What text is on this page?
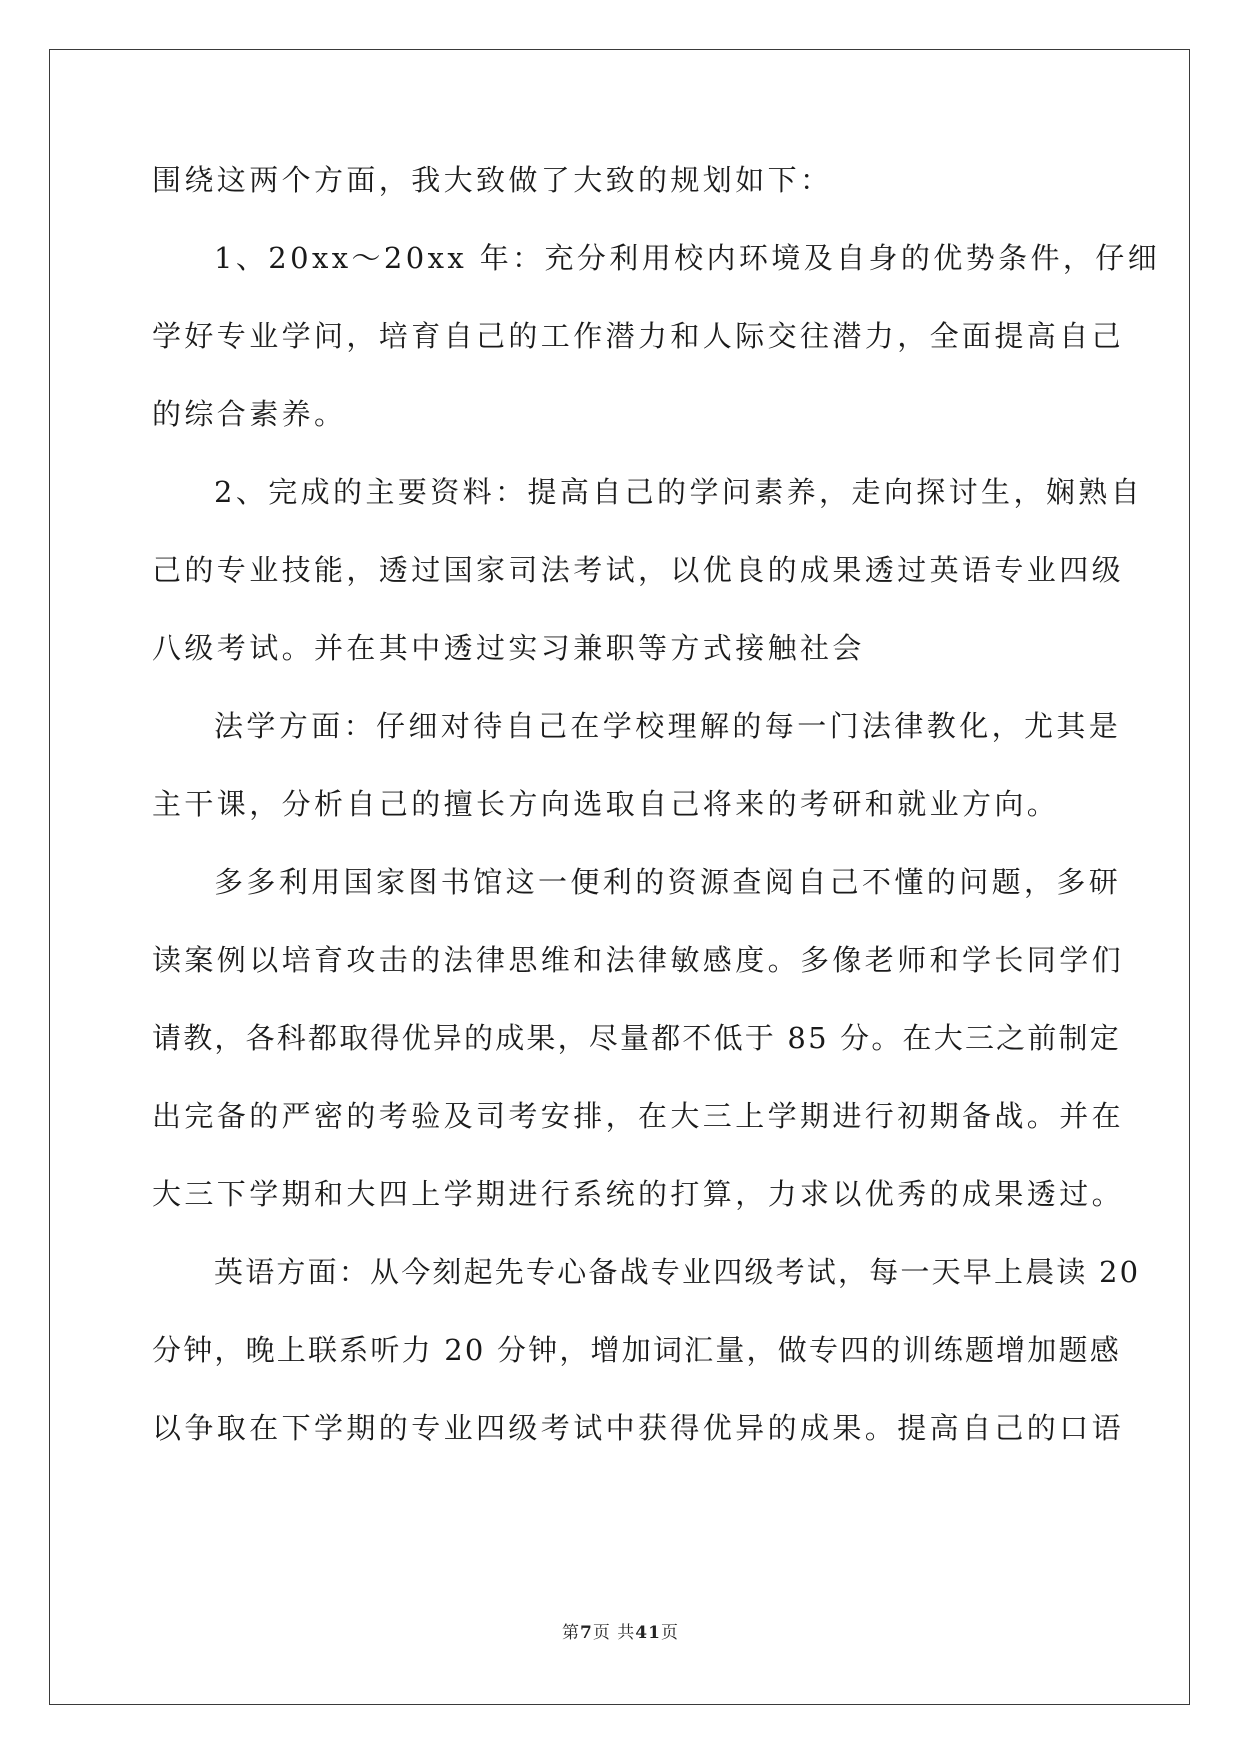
围绕这两个方面，我大致做了大致的规划如下：
1、20xx～20xx 年：充分利用校内环境及自身的优势条件，仔细
学好专业学问，培育自己的工作潜力和人际交往潜力，全面提高自己
的综合素养。
2、完成的主要资料：提高自己的学问素养，走向探讨生，娴熟自
己的专业技能，透过国家司法考试，以优良的成果透过英语专业四级
八级考试。并在其中透过实习兼职等方式接触社会
法学方面：仔细对待自己在学校理解的每一门法律教化，尤其是
主干课，分析自己的擅长方向选取自己将来的考研和就业方向。
多多利用国家图书馆这一便利的资源查阅自己不懂的问题，多研
读案例以培育攻击的法律思维和法律敏感度。多像老师和学长同学们
请教，各科都取得优异的成果，尽量都不低于 85 分。在大三之前制定
出完备的严密的考验及司考安排，在大三上学期进行初期备战。并在
大三下学期和大四上学期进行系统的打算，力求以优秀的成果透过。
英语方面：从今刻起先专心备战专业四级考试，每一天早上晨读 20
分钟，晚上联系听力 20 分钟，增加词汇量，做专四的训练题增加题感
以争取在下学期的专业四级考试中获得优异的成果。提高自己的口语
第7页 共41页
